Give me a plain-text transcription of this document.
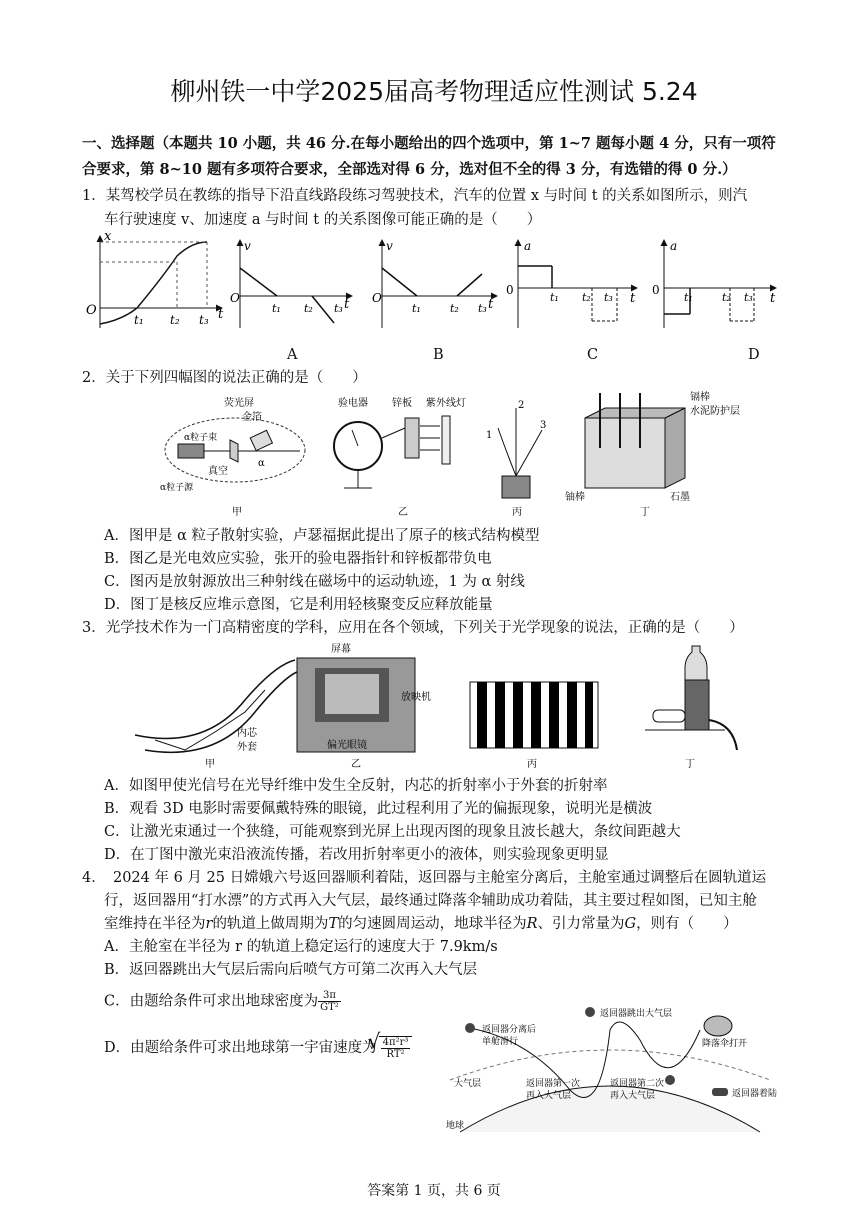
柳州铁一中学2025届高考物理适应性测试 5.24
一、选择题（本题共 10 小题，共 46 分.在每小题给出的四个选项中，第 1~7 题每小题 4 分，只有一项符
合要求，第 8~10 题有多项符合要求，全部选对得 6 分，选对但不全的得 3 分，有选错的得 0 分.）
1．某驾校学员在教练的指导下沿直线路段练习驾驶技术，汽车的位置 x 与时间 t 的关系如图所示，则汽
车行驶速度 v、加速度 a 与时间 t 的关系图像可能正确的是（　　）
x
O
t₁ t₂ t₃ t
v
O
t₁ t₂ t₃ t
v
O
t₁	t₂ t₃ t
a
0
t₁ t₂ t₃ t
a
0
t₁	t₂ t₃ t
A	B	C	D
2．关于下列四幅图的说法正确的是（　　）
荧光屏
金箔
α粒子束
真空
α
α粒子源
甲
验电器 锌板 紫外线灯
乙
1
2
3
丙
镉棒
水泥防护层
铀棒	石墨
丁
A．图甲是 α 粒子散射实验，卢瑟福据此提出了原子的核式结构模型
B．图乙是光电效应实验，张开的验电器指针和锌板都带负电
C．图丙是放射源放出三种射线在磁场中的运动轨迹，1 为 α 射线
D．图丁是核反应堆示意图，它是利用轻核聚变反应释放能量
3．光学技术作为一门高精密度的学科，应用在各个领域，下列关于光学现象的说法，正确的是（　　）
内芯
外套
甲
屏幕
放映机
偏光眼镜
乙	丙	丁
A．如图甲使光信号在光导纤维中发生全反射，内芯的折射率小于外套的折射率
B．观看 3D 电影时需要佩戴特殊的眼镜，此过程利用了光的偏振现象，说明光是横波
C．让激光束通过一个狭缝，可能观察到光屏上出现丙图的现象且波长越大，条纹间距越大
D．在丁图中激光束沿液流传播，若改用折射率更小的液体，则实验现象更明显
4．　2024 年 6 月 25 日嫦娥六号返回器顺利着陆，返回器与主舱室分离后，主舱室通过调整后在圆轨道运
行，返回器用“打水漂”的方式再入大气层，最终通过降落伞辅助成功着陆，其主要过程如图，已知主舱
室维持在半径为r的轨道上做周期为T的匀速圆周运动，地球半径为R、引力常量为G，则有（　　）
A．主舱室在半径为 r 的轨道上稳定运行的速度大于 7.9km/s
B．返回器跳出大气层后需向后喷气方可第二次再入大气层
C．由题给条件可求出地球密度为 $\frac{3\pi}{\text{GT²}}$
D．由题给条件可求出地球第一宇宙速度为
√ $\frac{\text{4π²r³}}{\text{RT²}}$
返回器分离后
单舱滑行
返回器跳出大气层
降落伞打开
大气层	返回器第一次
再入大气层
返回器第二次
再入大气层	返回器着陆
地球
答案第 1 页，共 6 页
